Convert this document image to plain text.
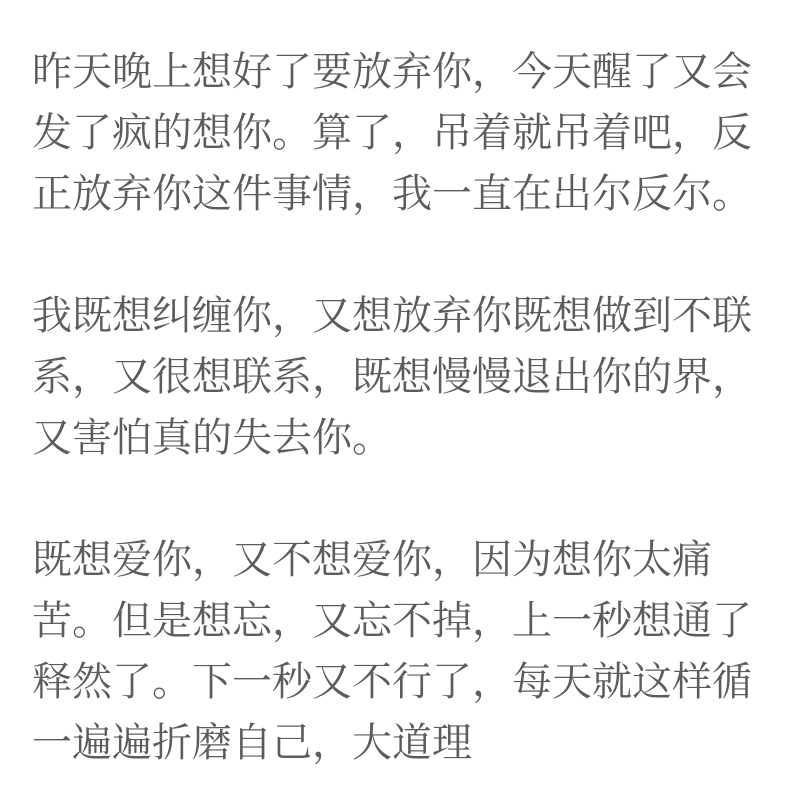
昨天晚上想好了要放弃你，今天醒了又会发了疯的想你。算了，吊着就吊着吧，反正放弃你这件事情，我一直在出尔反尔。

我既想纠缠你，又想放弃你既想做到不联系，又很想联系，既想慢慢退出你的界，又害怕真的失去你。

既想爱你，又不想爱你，因为想你太痛苦。但是想忘，又忘不掉，上一秒想通了释然了。下一秒又不行了，每天就这样循一遍遍折磨自己，大道理
